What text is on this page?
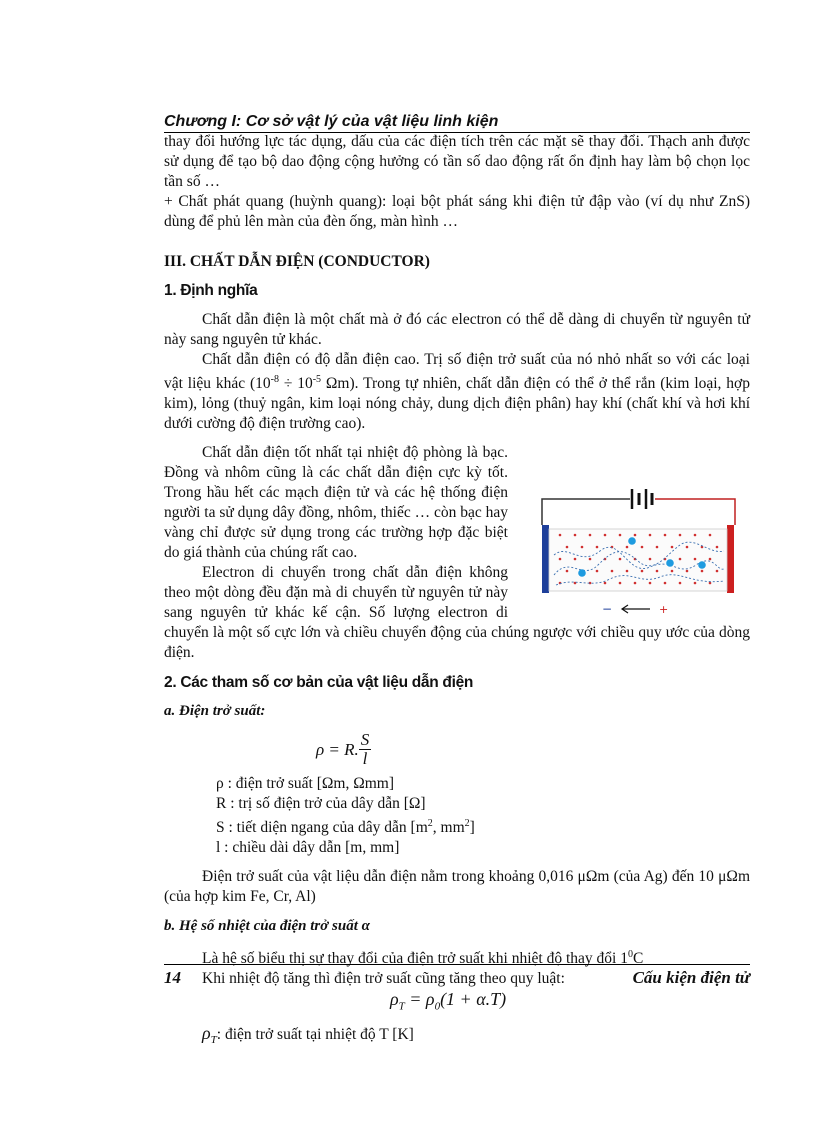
Chương I: Cơ sở vật lý của vật liệu linh kiện

thay đổi hướng lực tác dụng, dấu của các điện tích trên các mặt sẽ thay đổi. Thạch anh được sử dụng để tạo bộ dao động cộng hưởng có tần số dao động rất ổn định hay làm bộ chọn lọc tần số …

+ Chất phát quang (huỳnh quang): loại bột phát sáng khi điện tử đập vào (ví dụ như ZnS) dùng để phủ lên màn của đèn ống, màn hình …

III. CHẤT DẪN ĐIỆN (CONDUCTOR)
1. Định nghĩa

Chất dẫn điện là một chất mà ở đó các electron có thể dễ dàng di chuyển từ nguyên tử này sang nguyên tử khác.

Chất dẫn điện có độ dẫn điện cao. Trị số điện trở suất của nó nhỏ nhất so với các loại vật liệu khác ($10^{-8} \div 10^{-5}$ Ωm). Trong tự nhiên, chất dẫn điện có thể ở thể rắn (kim loại, hợp kim), lỏng (thuỷ ngân, kim loại nóng chảy, dung dịch điện phân) hay khí (chất khí và hơi khí dưới cường độ điện trường cao).

−	+
Chất dẫn điện tốt nhất tại nhiệt độ phòng là bạc. Đồng và nhôm cũng là các chất dẫn điện cực kỳ tốt. Trong hầu hết các mạch điện tử và các hệ thống điện người ta sử dụng dây đồng, nhôm, thiếc … còn bạc hay vàng chỉ được sử dụng trong các trường hợp đặc biệt do giá thành của chúng rất cao.

Electron di chuyển trong chất dẫn điện không theo một dòng đều đặn mà di chuyển từ nguyên tử này sang nguyên tử khác kế cận. Số lượng electron di chuyển là một số cực lớn và chiều chuyển động của chúng ngược với chiều quy ước của dòng điện.

2. Các tham số cơ bản của vật liệu dẫn điện
a. Điện trở suất:
ρ = R. S
l
ρ : điện trở suất [Ωm, Ωmm]
R : trị số điện trở của dây dẫn [Ω]
S : tiết diện ngang của dây dẫn [$m^2$, $mm^2$]
l : chiều dài dây dẫn [m, mm]

Điện trở suất của vật liệu dẫn điện nằm trong khoảng 0,016 μΩm (của Ag) đến 10 μΩm (của hợp kim Fe, Cr, Al)

b. Hệ số nhiệt của điện trở suất α

Là hệ số biểu thị sự thay đổi của điện trở suất khi nhiệt độ thay đổi $1^0C$

Khi nhiệt độ tăng thì điện trở suất cũng tăng theo quy luật:

$\rho_T = \rho_0(1 + \alpha.T)$
$\rho_T$: điện trở suất tại nhiệt độ T [K]
14	Cấu kiện điện tử
